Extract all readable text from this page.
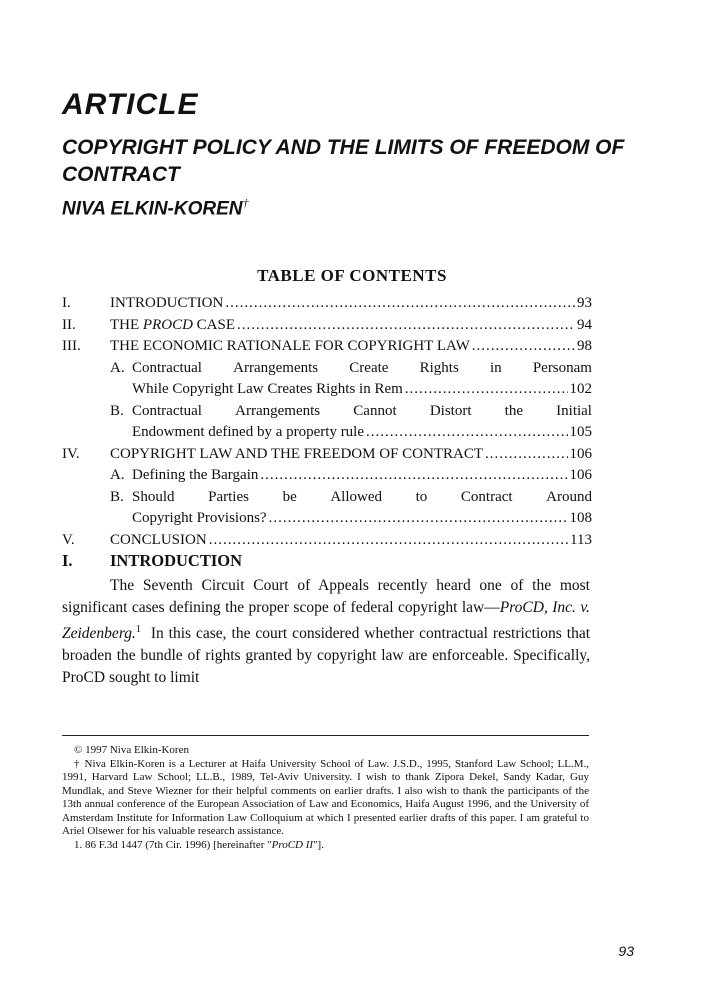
ARTICLE
COPYRIGHT POLICY AND THE LIMITS OF FREEDOM OF CONTRACT
NIVA ELKIN-KOREN†
TABLE OF CONTENTS
I.	INTRODUCTION .....	93
II.	THE PROCD CASE .....	94
III.	THE ECONOMIC RATIONALE FOR COPYRIGHT LAW .....	98
A. Contractual Arrangements Create Rights in Personam
While Copyright Law Creates Rights in Rem .....	102
B. Contractual Arrangements Cannot Distort the Initial
Endowment defined by a property rule .....	105
IV.	COPYRIGHT LAW AND THE FREEDOM OF CONTRACT .....	106
A. Defining the Bargain .....	106
B. Should Parties be Allowed to Contract Around
Copyright Provisions? .....	108
V.	CONCLUSION .....	113
I. INTRODUCTION

The Seventh Circuit Court of Appeals recently heard one of the most significant cases defining the proper scope of federal copyright law—ProCD, Inc. v. Zeidenberg.$^1$ In this case, the court considered whether contractual restrictions that broaden the bundle of rights granted by copyright law are enforceable. Specifically, ProCD sought to limit

© 1997 Niva Elkin-Koren

† Niva Elkin-Koren is a Lecturer at Haifa University School of Law. J.S.D., 1995, Stanford Law School; LL.M., 1991, Harvard Law School; LL.B., 1989, Tel-Aviv University. I wish to thank Zipora Dekel, Sandy Kadar, Guy Mundlak, and Steve Wiezner for their helpful comments on earlier drafts. I also wish to thank the participants of the 13th annual conference of the European Association of Law and Economics, Haifa August 1996, and the University of Amsterdam Institute for Information Law Colloquium at which I presented earlier drafts of this paper. I am grateful to Ariel Olsewer for his valuable research assistance.

1. 86 F.3d 1447 (7th Cir. 1996) [hereinafter "ProCD II"].

93
